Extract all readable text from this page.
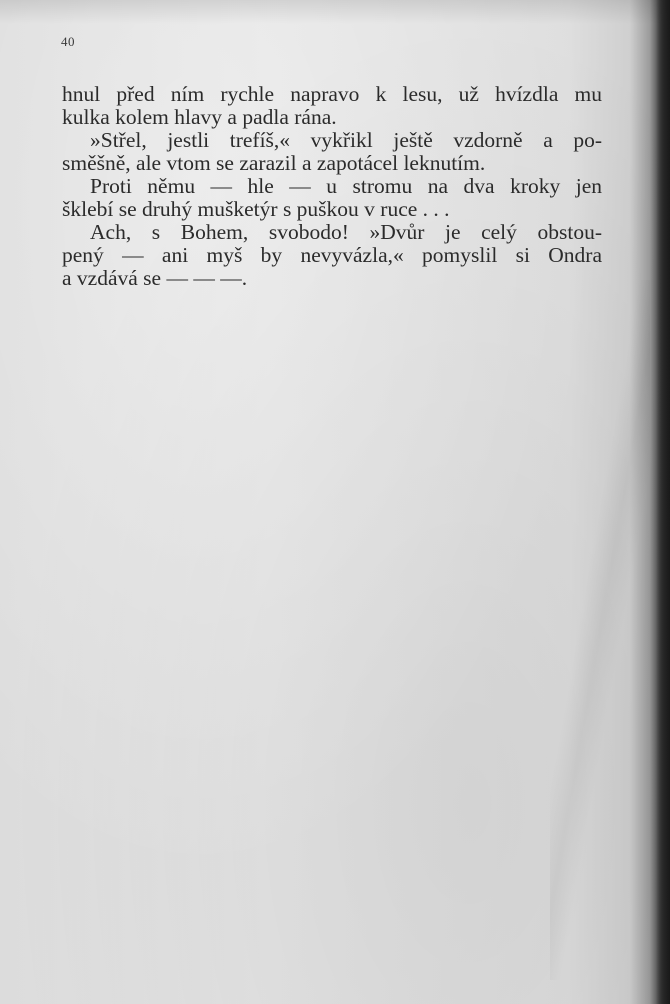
40
hnul před ním rychle napravo k lesu, už hvízdla mu
kulka kolem hlavy a padla rána.
»Střel, jestli trefíš,« vykřikl ještě vzdorně a po-
směšně, ale vtom se zarazil a zapotácel leknutím.
Proti němu — hle — u stromu na dva kroky jen
šklebí se druhý mušketýr s puškou v ruce . . .
Ach, s Bohem, svobodo! »Dvůr je celý obstou-
pený — ani myš by nevyvázla,« pomyslil si Ondra
a vzdává se — — —.
